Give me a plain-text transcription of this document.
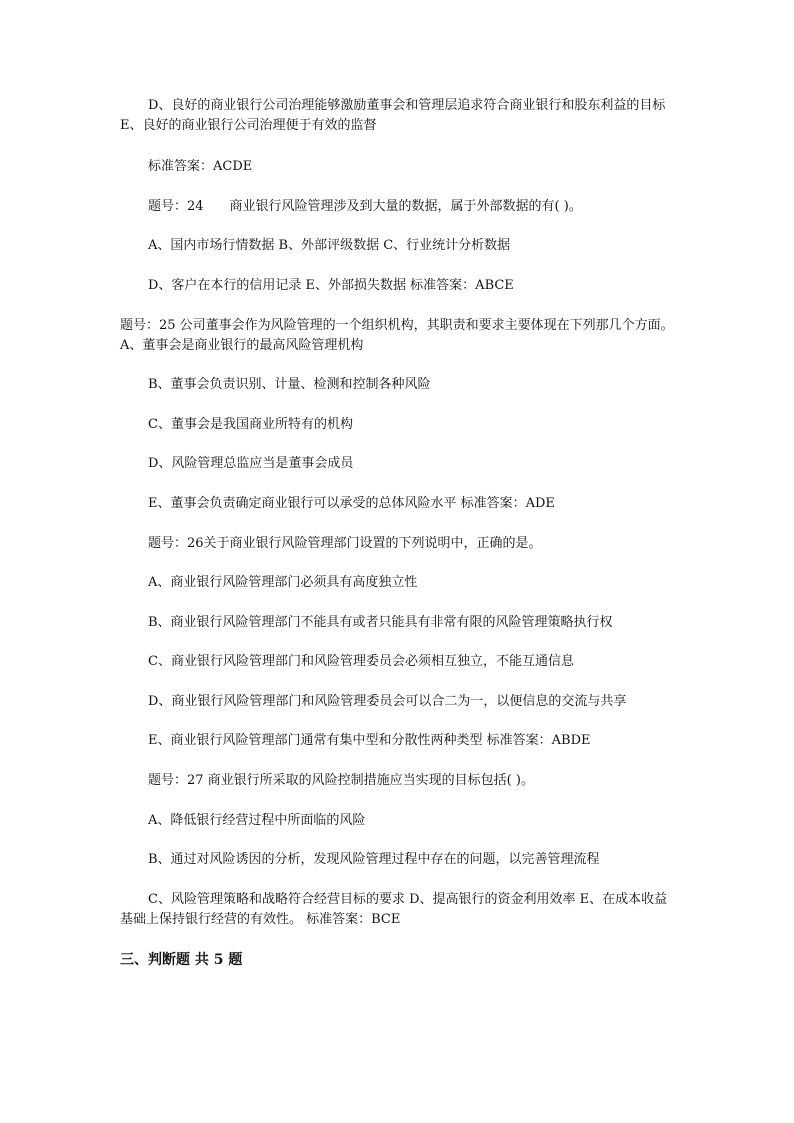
D、良好的商业银行公司治理能够激励董事会和管理层追求符合商业银行和股东利益的目标 E、良好的商业银行公司治理便于有效的监督

标准答案：ACDE

题号：24 商业银行风险管理涉及到大量的数据，属于外部数据的有( )。

A、国内市场行情数据 B、外部评级数据 C、行业统计分析数据

D、客户在本行的信用记录 E、外部损失数据 标准答案：ABCE

题号：25 公司董事会作为风险管理的一个组织机构，其职责和要求主要体现在下列那几个方面。A、董事会是商业银行的最高风险管理机构

B、董事会负责识别、计量、检测和控制各种风险

C、董事会是我国商业所特有的机构

D、风险管理总监应当是董事会成员

E、董事会负责确定商业银行可以承受的总体风险水平 标准答案：ADE

题号：26关于商业银行风险管理部门设置的下列说明中，正确的是。

A、商业银行风险管理部门必须具有高度独立性

B、商业银行风险管理部门不能具有或者只能具有非常有限的风险管理策略执行权

C、商业银行风险管理部门和风险管理委员会必须相互独立，不能互通信息

D、商业银行风险管理部门和风险管理委员会可以合二为一，以便信息的交流与共享

E、商业银行风险管理部门通常有集中型和分散性两种类型 标准答案：ABDE

题号：27 商业银行所采取的风险控制措施应当实现的目标包括( )。

A、降低银行经营过程中所面临的风险

B、通过对风险诱因的分析，发现风险管理过程中存在的问题，以完善管理流程

C、风险管理策略和战略符合经营目标的要求 D、提高银行的资金利用效率 E、在成本收益基础上保持银行经营的有效性。 标准答案：BCE

三、判断题 共 5 题
